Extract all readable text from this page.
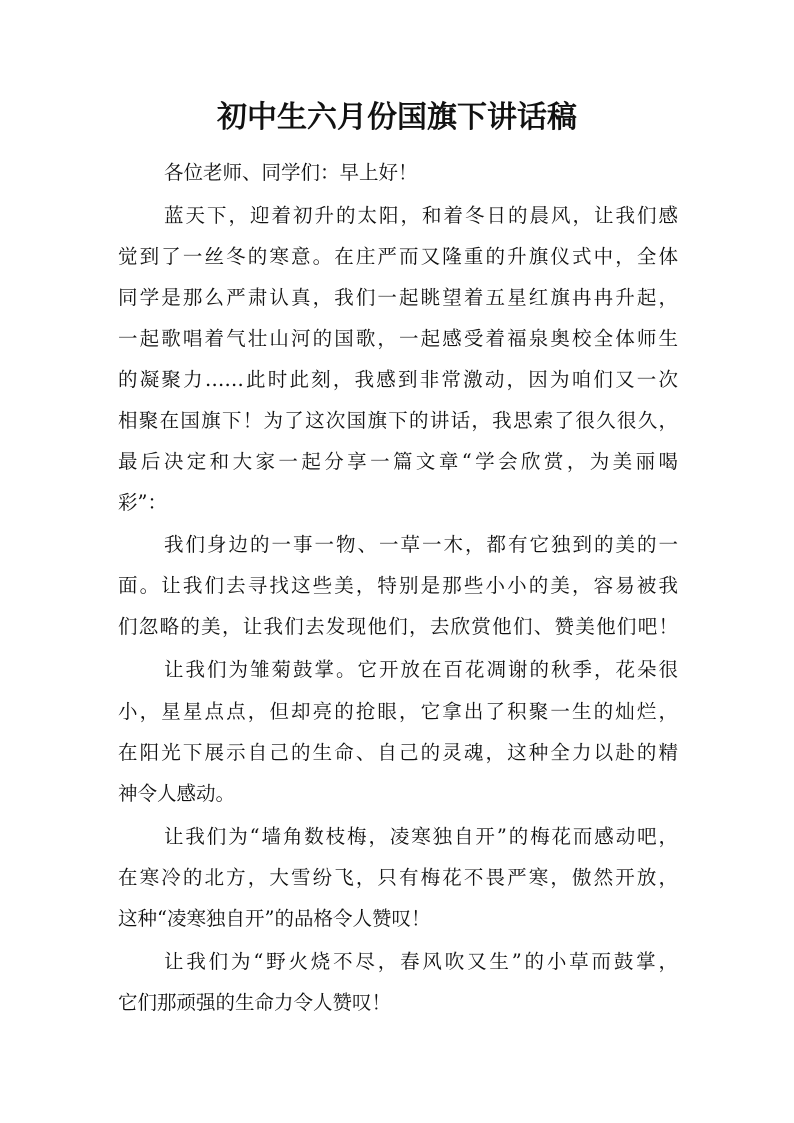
初中生六月份国旗下讲话稿
各位老师、同学们：早上好！
蓝天下，迎着初升的太阳，和着冬日的晨风，让我们感
觉到了一丝冬的寒意。在庄严而又隆重的升旗仪式中，全体
同学是那么严肃认真，我们一起眺望着五星红旗冉冉升起，
一起歌唱着气壮山河的国歌，一起感受着福泉奥校全体师生
的凝聚力……此时此刻，我感到非常激动，因为咱们又一次
相聚在国旗下！为了这次国旗下的讲话，我思索了很久很久，
最后决定和大家一起分享一篇文章“学会欣赏，为美丽喝
彩”：
我们身边的一事一物、一草一木，都有它独到的美的一
面。让我们去寻找这些美，特别是那些小小的美，容易被我
们忽略的美，让我们去发现他们，去欣赏他们、赞美他们吧！
让我们为雏菊鼓掌。它开放在百花凋谢的秋季，花朵很
小，星星点点，但却亮的抢眼，它拿出了积聚一生的灿烂，
在阳光下展示自己的生命、自己的灵魂，这种全力以赴的精
神令人感动。
让我们为“墙角数枝梅，凌寒独自开”的梅花而感动吧，
在寒冷的北方，大雪纷飞，只有梅花不畏严寒，傲然开放，
这种“凌寒独自开”的品格令人赞叹！
让我们为“野火烧不尽，春风吹又生”的小草而鼓掌，
它们那顽强的生命力令人赞叹！
